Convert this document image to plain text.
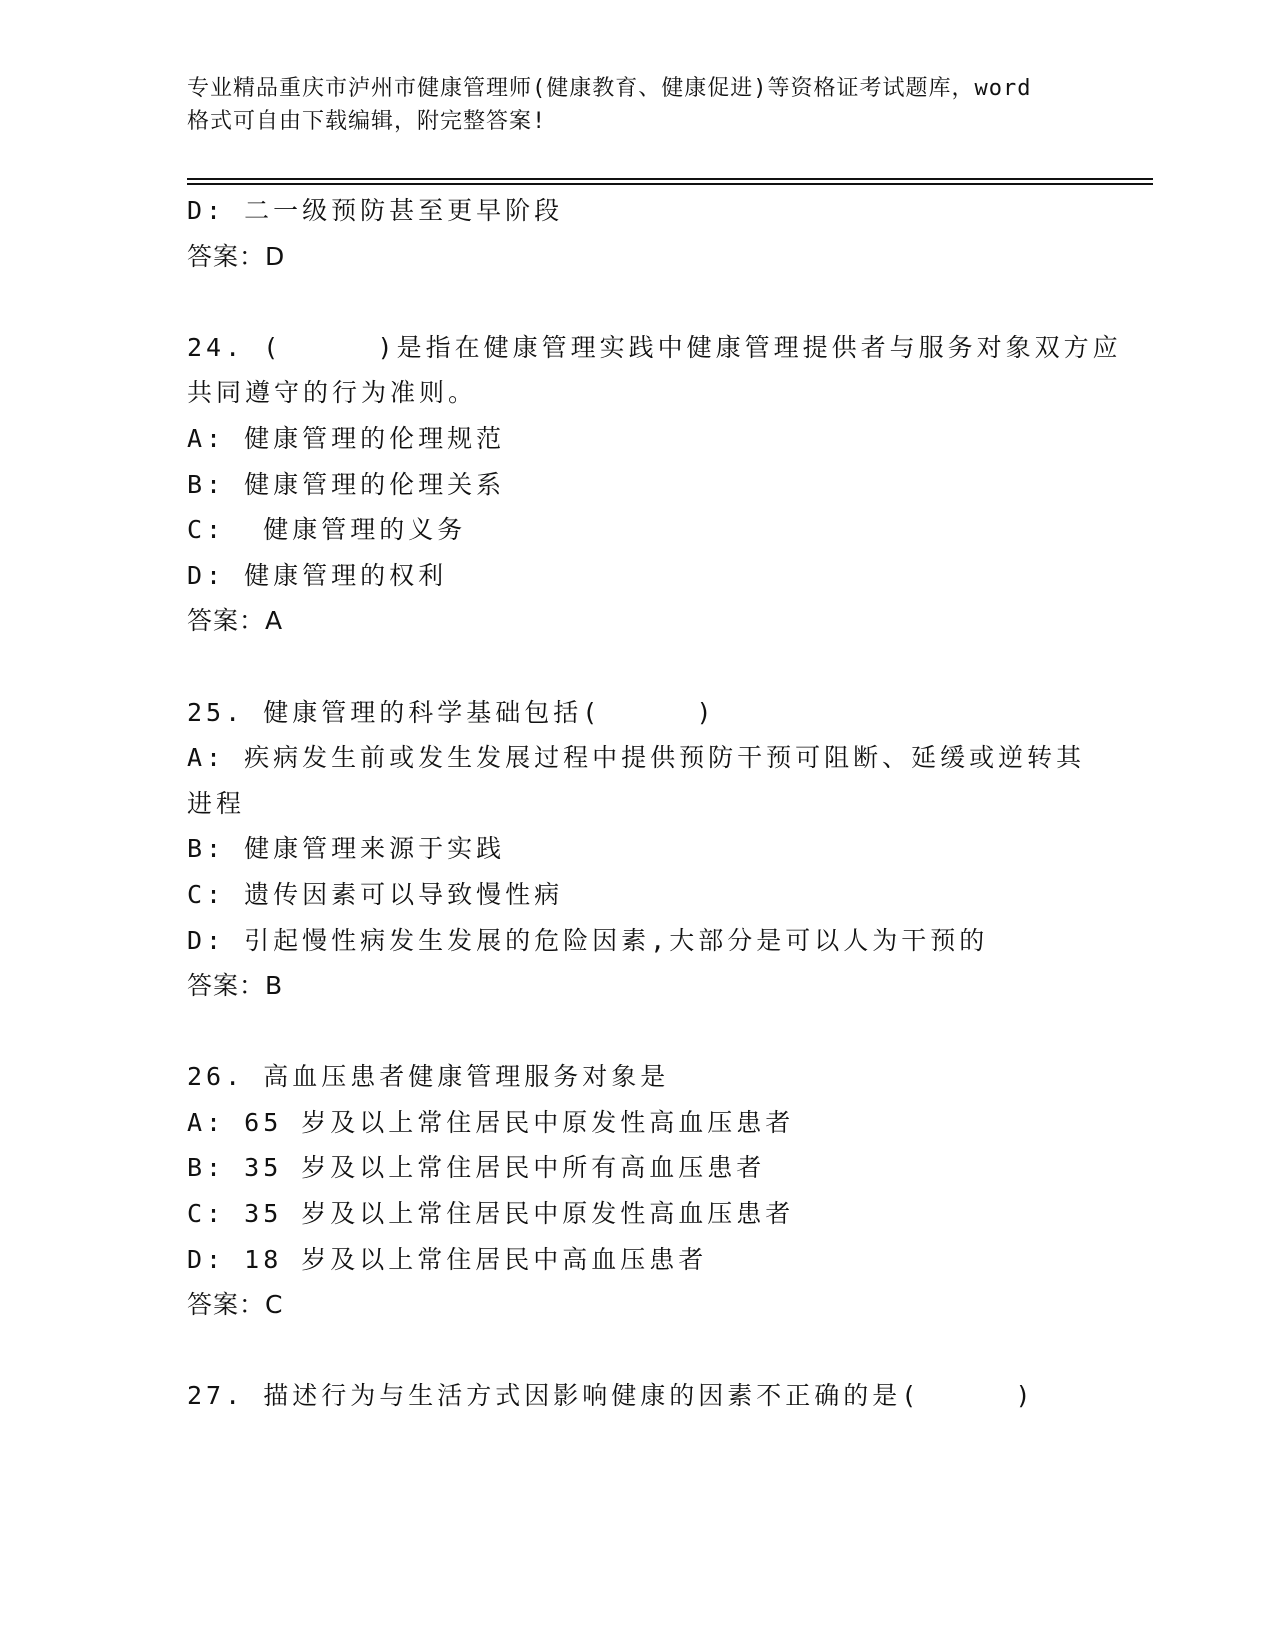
专业精品重庆市泸州市健康管理师(健康教育、健康促进)等资格证考试题库，word
格式可自由下载编辑，附完整答案!
D: 二一级预防甚至更早阶段
答案：D
24. (     )是指在健康管理实践中健康管理提供者与服务对象双方应
共同遵守的行为准则。
A: 健康管理的伦理规范
B: 健康管理的伦理关系
C:  健康管理的义务
D: 健康管理的权利
答案：A
25. 健康管理的科学基础包括(     )
A: 疾病发生前或发生发展过程中提供预防干预可阻断、延缓或逆转其
进程
B: 健康管理来源于实践
C: 遗传因素可以导致慢性病
D: 引起慢性病发生发展的危险因素,大部分是可以人为干预的
答案：B
26. 高血压患者健康管理服务对象是
A: 65 岁及以上常住居民中原发性高血压患者
B: 35 岁及以上常住居民中所有高血压患者
C: 35 岁及以上常住居民中原发性高血压患者
D: 18 岁及以上常住居民中高血压患者
答案：C
27. 描述行为与生活方式因影响健康的因素不正确的是(     )
